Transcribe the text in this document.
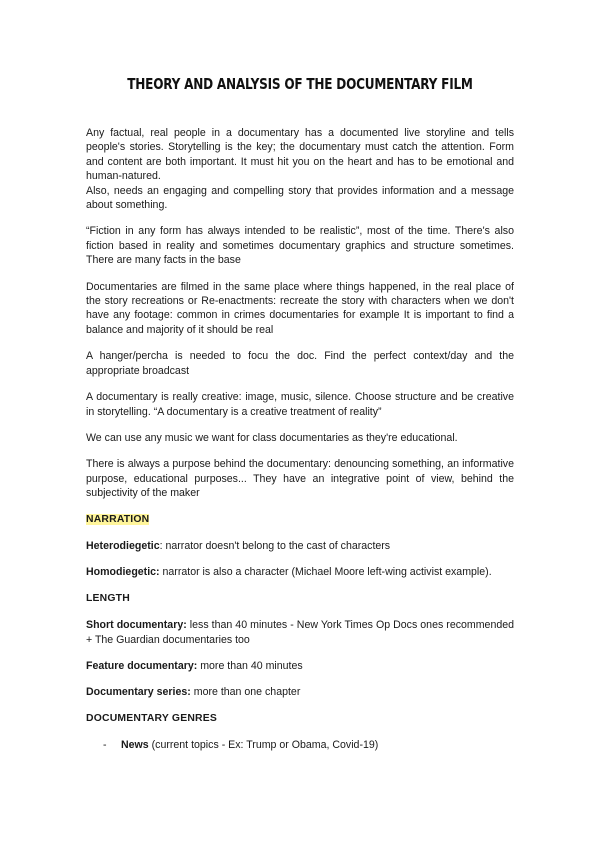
THEORY AND ANALYSIS OF THE DOCUMENTARY FILM

Any factual, real people in a documentary has a documented live storyline and tells people's stories. Storytelling is the key; the documentary must catch the attention. Form and content are both important. It must hit you on the heart and has to be emotional and human-natured.

Also, needs an engaging and compelling story that provides information and a message about something.

“Fiction in any form has always intended to be realistic”, most of the time. There's also fiction based in reality and sometimes documentary graphics and structure sometimes. There are many facts in the base

Documentaries are filmed in the same place where things happened, in the real place of the story recreations or Re-enactments: recreate the story with characters when we don't have any footage: common in crimes documentaries for example It is important to find a balance and majority of it should be real

A hanger/percha is needed to focu the doc. Find the perfect context/day and the appropriate broadcast

A documentary is really creative: image, music, silence. Choose structure and be creative in storytelling. “A documentary is a creative treatment of reality”

We can use any music we want for class documentaries as they're educational.

There is always a purpose behind the documentary: denouncing something, an informative purpose, educational purposes... They have an integrative point of view, behind the subjectivity of the maker

NARRATION

Heterodiegetic: narrator doesn't belong to the cast of characters

Homodiegetic: narrator is also a character (Michael Moore left-wing activist example).

LENGTH

Short documentary: less than 40 minutes - New York Times Op Docs ones recommended + The Guardian documentaries too

Feature documentary: more than 40 minutes

Documentary series: more than one chapter

DOCUMENTARY GENRES

- News (current topics - Ex: Trump or Obama, Covid-19)
